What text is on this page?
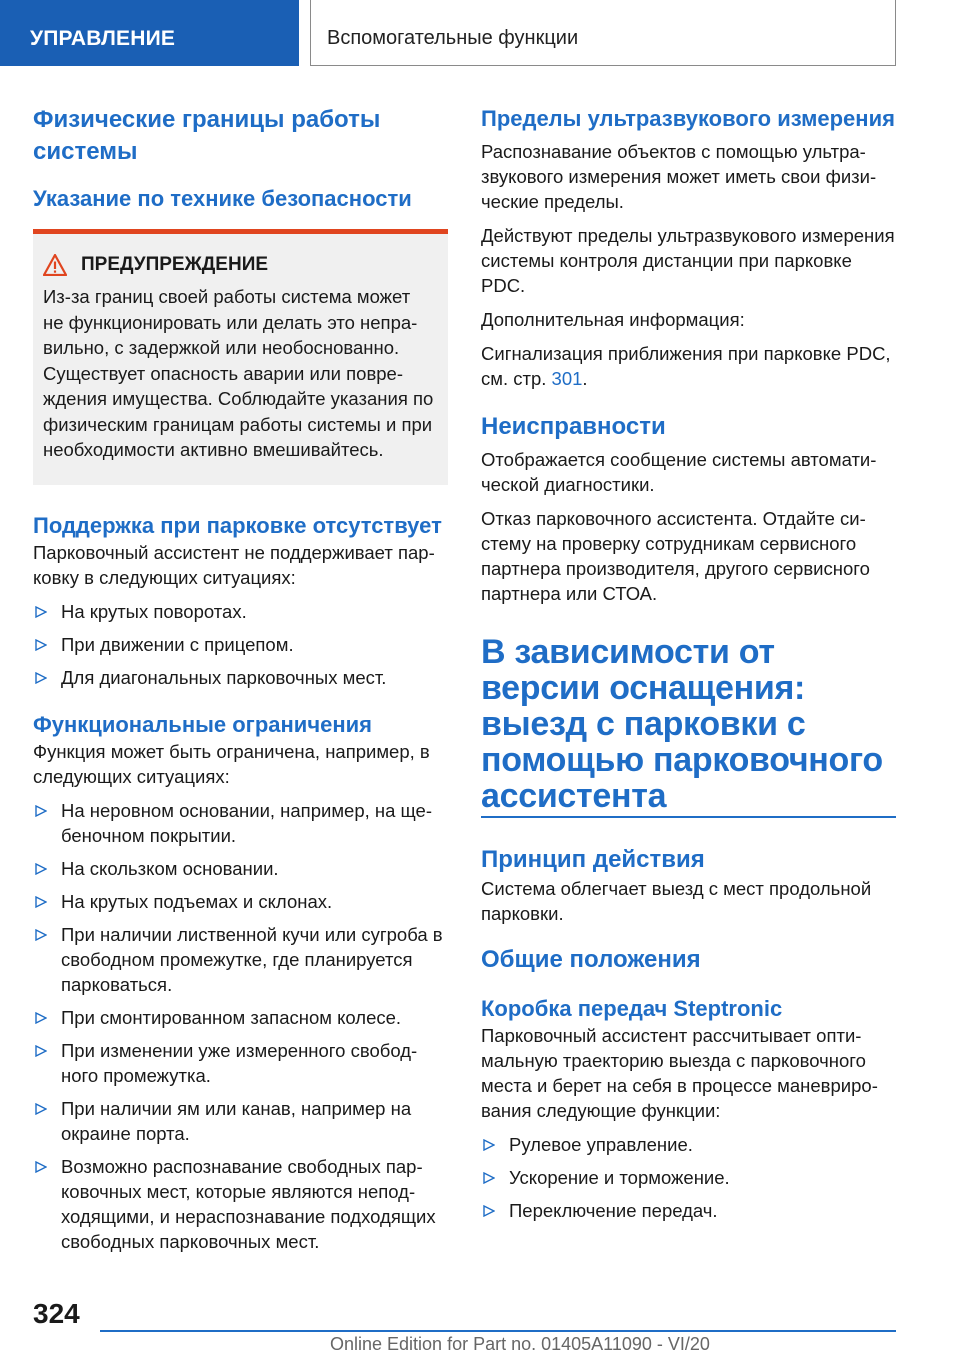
УПРАВЛЕНИЕ	Вспомогательные функции
Физические границы работы системы
Указание по технике безопасности
ПРЕДУПРЕЖДЕНИЕ

Из-за границ своей работы система может не функционировать или делать это неправильно, с задержкой или необоснованно. Существует опасность аварии или повреждения имущества. Соблюдайте указания по физическим границам работы системы и при необходимости активно вмешивайтесь.

Поддержка при парковке отсутствует

Парковочный ассистент не поддерживает парковку в следующих ситуациях:

На крутых поворотах.
При движении с прицепом.
Для диагональных парковочных мест.
Функциональные ограничения

Функция может быть ограничена, например, в следующих ситуациях:

На неровном основании, например, на щебеночном покрытии.
На скользком основании.
На крутых подъемах и склонах.
При наличии лиственной кучи или сугроба в свободном промежутке, где планируется парковаться.
При смонтированном запасном колесе.
При изменении уже измеренного свободного промежутка.
При наличии ям или канав, например на окраине порта.
Возможно распознавание свободных парковочных мест, которые являются неподходящими, и нераспознавание подходящих свободных парковочных мест.
Пределы ультразвукового измерения

Распознавание объектов с помощью ультразвукового измерения может иметь свои физические пределы.

Действуют пределы ультразвукового измерения системы контроля дистанции при парковке PDC.

Дополнительная информация:

Сигнализация приближения при парковке PDC, см. стр. 301.

Неисправности

Отображается сообщение системы автоматической диагностики.

Отказ парковочного ассистента. Отдайте систему на проверку сотрудникам сервисного партнера производителя, другого сервисного партнера или СТОА.

В зависимости от версии оснащения: выезд с парковки с помощью парковочного ассистента
Принцип действия

Система облегчает выезд с мест продольной парковки.

Общие положения
Коробка передач Steptronic

Парковочный ассистент рассчитывает оптимальную траекторию выезда с парковочного места и берет на себя в процессе маневрирования следующие функции:

Рулевое управление.
Ускорение и торможение.
Переключение передач.
324
Online Edition for Part no. 01405A11090 - VI/20
